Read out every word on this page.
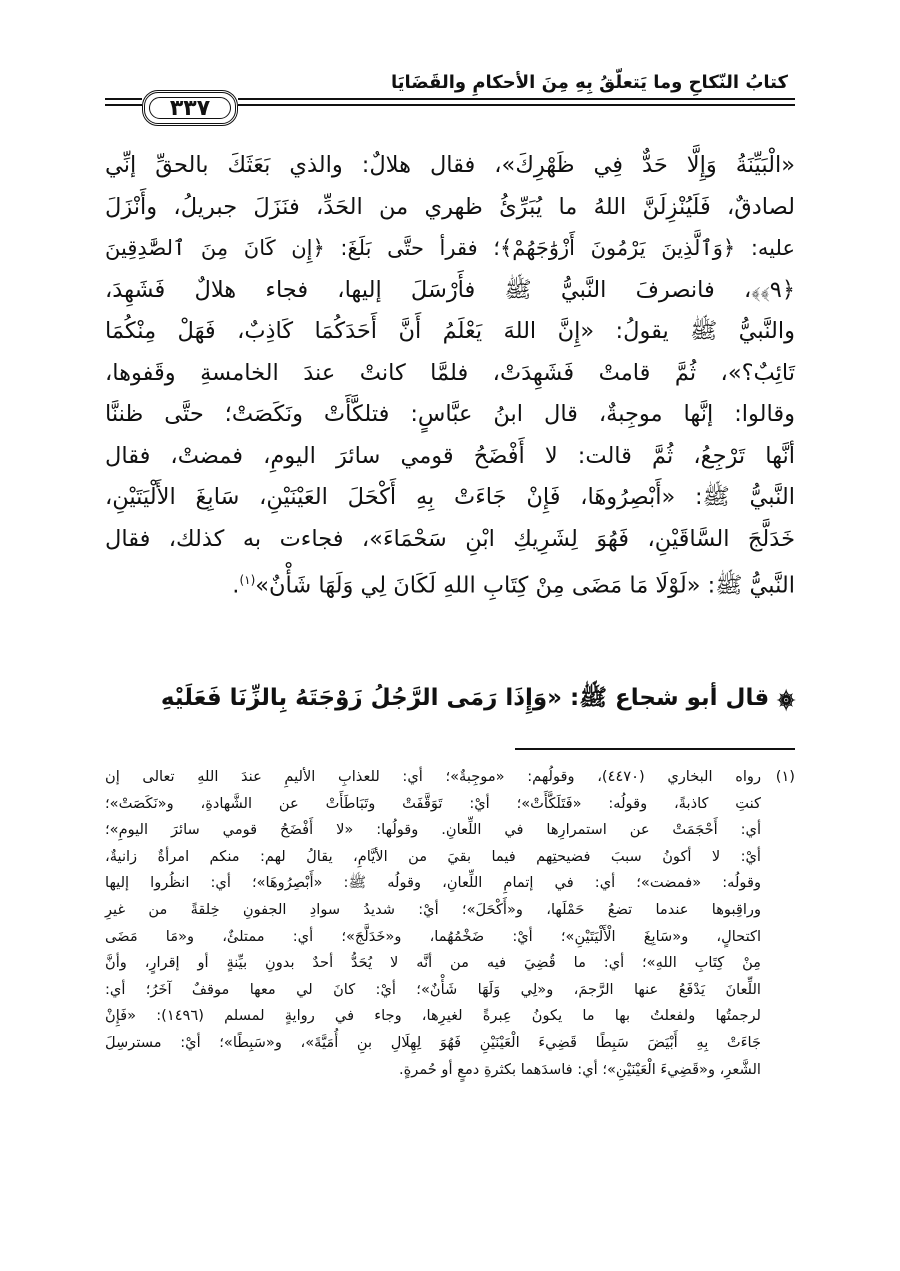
كتابُ النّكاحِ وما يَتعلّقُ بِهِ مِنَ الأحكامِ والقَضَايَا
٣٣٧
«الْبَيِّنَةُ وَإِلَّا حَدٌّ فِي ظَهْرِكَ»، فقال هلالٌ: والذي بَعَثَكَ بالحقِّ إنِّي
لصادقٌ، فَلَيُنْزِلَنَّ اللهُ ما يُبَرِّئُ ظهري من الحَدِّ، فنَزَلَ جبريلُ، وأَنْزَلَ
عليه: ﴿وَٱلَّذِينَ يَرْمُونَ أَزْوَٰجَهُمْ﴾؛ فقرأ حتَّى بَلَغَ: ﴿إِن كَانَ مِنَ ٱلصَّٰدِقِينَ
﴿٩﴾﴾، فانصرفَ النَّبيُّ ﷺ فأَرْسَلَ إليها، فجاء هلالٌ فَشَهِدَ،
والنَّبيُّ ﷺ يقولُ: «إِنَّ اللهَ يَعْلَمُ أَنَّ أَحَدَكُمَا كَاذِبٌ، فَهَلْ مِنْكُمَا
تَائِبٌ؟»، ثُمَّ قامتْ فَشَهِدَتْ، فلمَّا كانتْ عندَ الخامسةِ وقَفوها،
وقالوا: إنَّها موجِبةٌ، قال ابنُ عبَّاسٍ: فتلكَّأَتْ ونَكَصَتْ؛ حتَّى ظننَّا
أنَّها تَرْجِعُ، ثُمَّ قالت: لا أَفْضَحُ قومي سائرَ اليومِ، فمضتْ، فقال
النَّبيُّ ﷺ: «أَبْصِرُوهَا، فَإِنْ جَاءَتْ بِهِ أَكْحَلَ العَيْنَيْنِ، سَابِغَ الأَلْيَتَيْنِ،
خَدَلَّجَ السَّاقَيْنِ، فَهُوَ لِشَرِيكِ ابْنِ سَحْمَاءَ»، فجاءت به كذلك، فقال
النَّبيُّ ﷺ: «لَوْلَا مَا مَضَى مِنْ كِتَابِ اللهِ لَكَانَ لِي وَلَهَا شَأْنٌ»$^{(١)}$.
۞ قال أبو شجاع ﷺ: «وَإِذَا رَمَى الرَّجُلُ زَوْجَتَهُ بِالزِّنَا فَعَلَيْهِ
(١)رواه البخاري (٤٤٧٠)، وقولُهم: «موجِبةٌ»؛ أي: للعذابِ الأليمِ عندَ اللهِ تعالى إن
كنتِ كاذبةً، وقولُه: «فَتَلَكَّأَتْ»؛ أيْ: تَوَقَّفَتْ وتَبَاطَأَتْ عن الشَّهادةِ، و«نَكَصَتْ»؛
أي: أَحْجَمَتْ عن استمرارِها في اللِّعانِ. وقولُها: «لا أَفْضَحُ قومي سائرَ اليومِ»؛
أيْ: لا أكونُ سببَ فضيحتِهم فيما بقيَ من الأيَّامِ، يقالُ لهم: منكم امرأةٌ زانيةٌ،
وقولُه: «فمضت»؛ أي: في إتمامِ اللِّعانِ، وقولُه ﷺ: «أَبْصِرُوهَا»؛ أي: انظُروا إليها
وراقِبوها عندما تضعُ حَمْلَها، و«أَكْحَلَ»؛ أيْ: شديدُ سوادِ الجفونِ خِلقةً من غيرِ
اكتحالٍ، و«سَابِغَ الْأَلْيَتَيْنِ»؛ أيْ: ضَخْمُهُما، و«خَدَلَّجَ»؛ أي: ممتلئٌ، و«مَا مَضَى
مِنْ كِتَابِ اللهِ»؛ أي: ما قُضِيَ فيه من أنَّه لا يُحَدُّ أحدٌ بدونِ بيِّنةٍ أو إقرارٍ، وأنَّ
اللِّعانَ يَدْفَعُ عنها الرَّجمَ، و«لِي وَلَهَا شَأْنٌ»؛ أيْ: كانَ لي معها موقفٌ آخَرُ؛ أي:
لرجمتُها ولفعلتُ بها ما يكونُ عِبرةً لغيرِها، وجاء في روايةٍ لمسلم (١٤٩٦): «فَإِنْ
جَاءَتْ بِهِ أَبْيَضَ سَبِطًا قَضِيءَ الْعَيْنَيْنِ فَهُوَ لِهِلَالِ بنِ أُمَيَّةَ»، و«سَبِطًا»؛ أيْ: مسترسِلَ
الشَّعرِ، و«قَضِيءَ الْعَيْنَيْنِ»؛ أي: فاسدَهما بكثرةِ دمعٍ أو حُمرةٍ.
